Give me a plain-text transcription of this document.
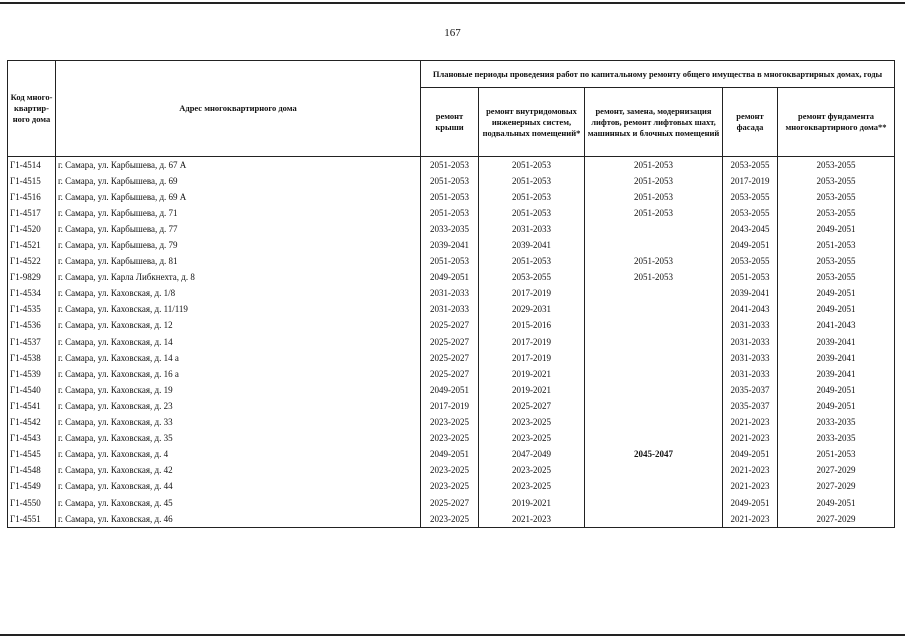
167
Код много-квартир-ного дома	Адрес многоквартирного дома	Плановые периоды проведения работ по капитальному ремонту общего имущества в многоквартирных домах, годы				
		ремонт крыши	ремонт внутридомовых инженерных систем, подвальных помещений*	ремонт, замена, модернизация лифтов, ремонт лифтовых шахт, машинных и блочных помещений	ремонт фасада	ремонт фундамента многоквартирного дома**
Г1-4514	г. Самара, ул. Карбышева, д. 67 А	2051-2053	2051-2053	2051-2053	2053-2055	2053-2055
Г1-4515	г. Самара, ул. Карбышева, д. 69	2051-2053	2051-2053	2051-2053	2017-2019	2053-2055
Г1-4516	г. Самара, ул. Карбышева, д. 69 А	2051-2053	2051-2053	2051-2053	2053-2055	2053-2055
Г1-4517	г. Самара, ул. Карбышева, д. 71	2051-2053	2051-2053	2051-2053	2053-2055	2053-2055
Г1-4520	г. Самара, ул. Карбышева, д. 77	2033-2035	2031-2033		2043-2045	2049-2051
Г1-4521	г. Самара, ул. Карбышева, д. 79	2039-2041	2039-2041		2049-2051	2051-2053
Г1-4522	г. Самара, ул. Карбышева, д. 81	2051-2053	2051-2053	2051-2053	2053-2055	2053-2055
Г1-9829	г. Самара, ул. Карла Либкнехта, д. 8	2049-2051	2053-2055	2051-2053	2051-2053	2053-2055
Г1-4534	г. Самара, ул. Каховская, д. 1/8	2031-2033	2017-2019		2039-2041	2049-2051
Г1-4535	г. Самара, ул. Каховская, д. 11/119	2031-2033	2029-2031		2041-2043	2049-2051
Г1-4536	г. Самара, ул. Каховская, д. 12	2025-2027	2015-2016		2031-2033	2041-2043
Г1-4537	г. Самара, ул. Каховская, д. 14	2025-2027	2017-2019		2031-2033	2039-2041
Г1-4538	г. Самара, ул. Каховская, д. 14 а	2025-2027	2017-2019		2031-2033	2039-2041
Г1-4539	г. Самара, ул. Каховская, д. 16 а	2025-2027	2019-2021		2031-2033	2039-2041
Г1-4540	г. Самара, ул. Каховская, д. 19	2049-2051	2019-2021		2035-2037	2049-2051
Г1-4541	г. Самара, ул. Каховская, д. 23	2017-2019	2025-2027		2035-2037	2049-2051
Г1-4542	г. Самара, ул. Каховская, д. 33	2023-2025	2023-2025		2021-2023	2033-2035
Г1-4543	г. Самара, ул. Каховская, д. 35	2023-2025	2023-2025		2021-2023	2033-2035
Г1-4545	г. Самара, ул. Каховская, д. 4	2049-2051	2047-2049	2045-2047	2049-2051	2051-2053
Г1-4548	г. Самара, ул. Каховская, д. 42	2023-2025	2023-2025		2021-2023	2027-2029
Г1-4549	г. Самара, ул. Каховская, д. 44	2023-2025	2023-2025		2021-2023	2027-2029
Г1-4550	г. Самара, ул. Каховская, д. 45	2025-2027	2019-2021		2049-2051	2049-2051
Г1-4551	г. Самара, ул. Каховская, д. 46	2023-2025	2021-2023		2021-2023	2027-2029
